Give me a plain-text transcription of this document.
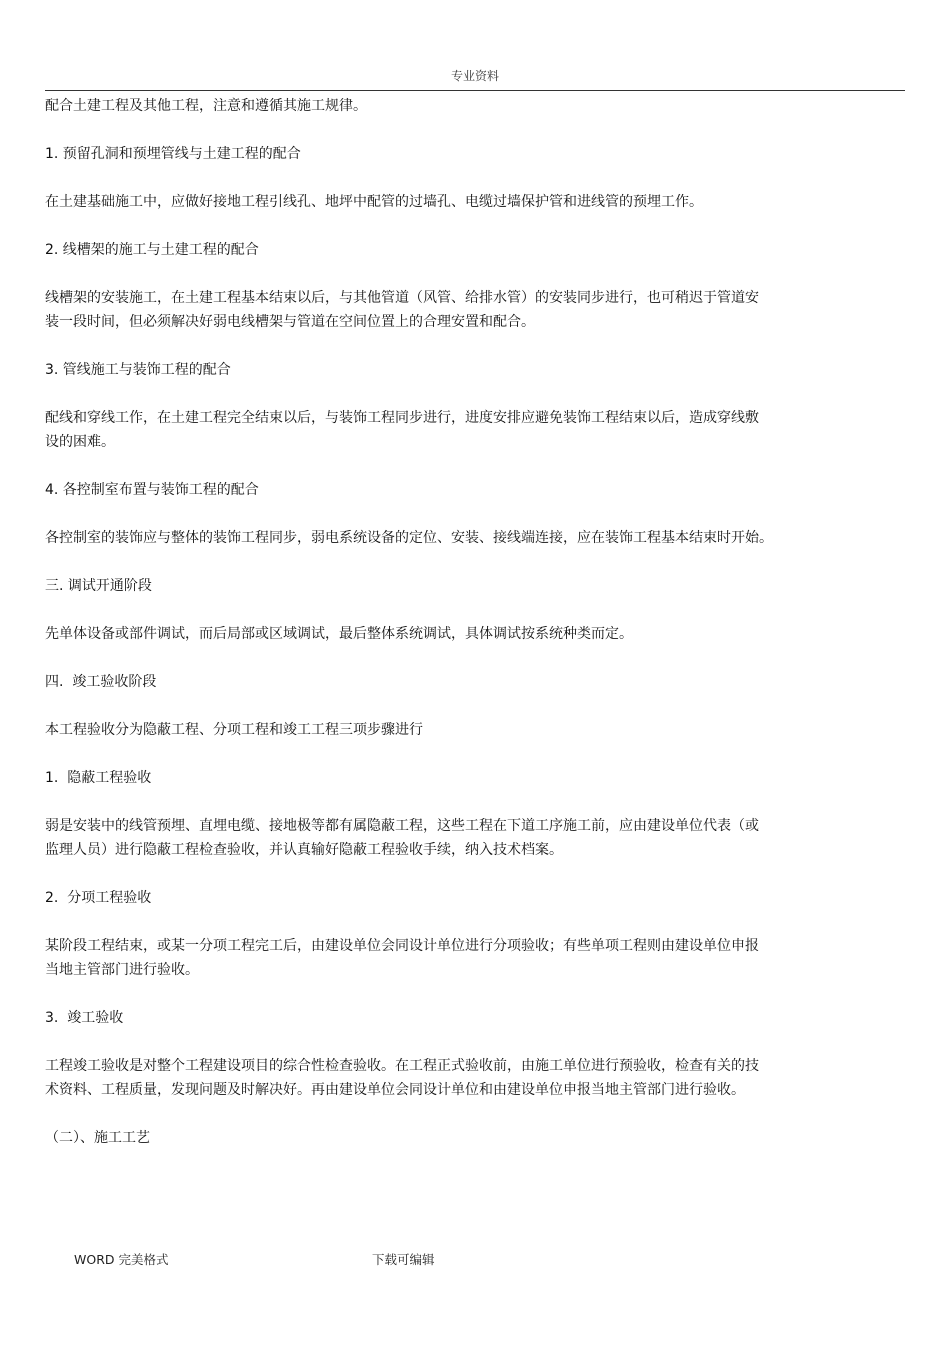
专业资料

配合土建工程及其他工程，注意和遵循其施工规律。

1. 预留孔洞和预埋管线与土建工程的配合

在土建基础施工中，应做好接地工程引线孔、地坪中配管的过墙孔、电缆过墙保护管和进线管的预埋工作。

2. 线槽架的施工与土建工程的配合

线槽架的安装施工，在土建工程基本结束以后，与其他管道（风管、给排水管）的安装同步进行，也可稍迟于管道安
装一段时间，但必须解决好弱电线槽架与管道在空间位置上的合理安置和配合。

3. 管线施工与装饰工程的配合

配线和穿线工作，在土建工程完全结束以后，与装饰工程同步进行，进度安排应避免装饰工程结束以后，造成穿线敷
设的困难。

4. 各控制室布置与装饰工程的配合

各控制室的装饰应与整体的装饰工程同步，弱电系统设备的定位、安装、接线端连接，应在装饰工程基本结束时开始。

三. 调试开通阶段

先单体设备或部件调试，而后局部或区域调试，最后整体系统调试，具体调试按系统种类而定。

四.  竣工验收阶段

本工程验收分为隐蔽工程、分项工程和竣工工程三项步骤进行

1.  隐蔽工程验收

弱是安装中的线管预埋、直埋电缆、接地极等都有属隐蔽工程，这些工程在下道工序施工前，应由建设单位代表（或
监理人员）进行隐蔽工程检查验收，并认真输好隐蔽工程验收手续，纳入技术档案。

2.  分项工程验收

某阶段工程结束，或某一分项工程完工后，由建设单位会同设计单位进行分项验收；有些单项工程则由建设单位申报
当地主管部门进行验收。

3.  竣工验收

工程竣工验收是对整个工程建设项目的综合性检查验收。在工程正式验收前，由施工单位进行预验收，检查有关的技
术资料、工程质量，发现问题及时解决好。再由建设单位会同设计单位和由建设单位申报当地主管部门进行验收。

（二）、施工工艺

WORD 完美格式	下载可编辑
